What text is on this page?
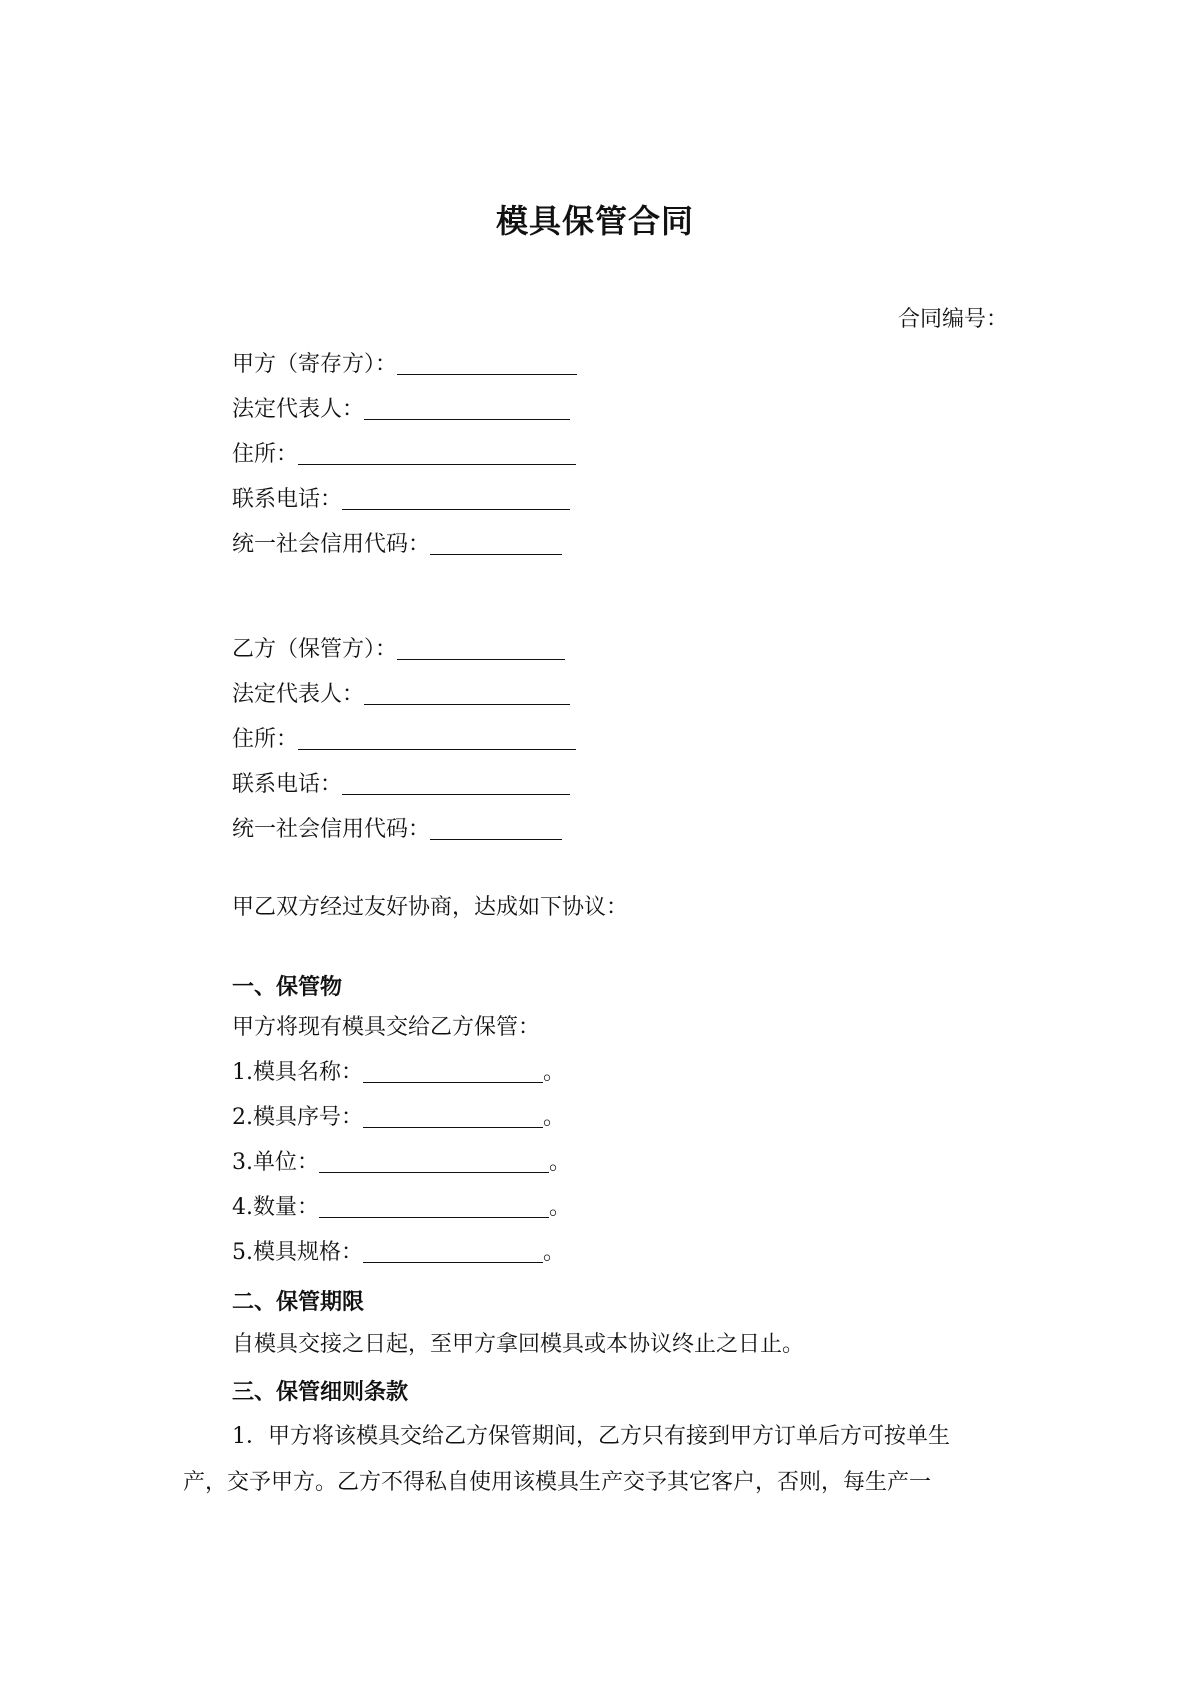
模具保管合同
合同编号：
甲方（寄存方）：
法定代表人：
住所：
联系电话：
统一社会信用代码：
乙方（保管方）：
法定代表人：
住所：
联系电话：
统一社会信用代码：
甲乙双方经过友好协商，达成如下协议：
一、保管物
甲方将现有模具交给乙方保管：
1.模具名称：	。
2.模具序号：	。
3.单位：	。
4.数量：	。
5.模具规格：	。
二、保管期限
自模具交接之日起，至甲方拿回模具或本协议终止之日止。
三、保管细则条款
1．甲方将该模具交给乙方保管期间，乙方只有接到甲方订单后方可按单生
产，交予甲方。乙方不得私自使用该模具生产交予其它客户，否则，每生产一
